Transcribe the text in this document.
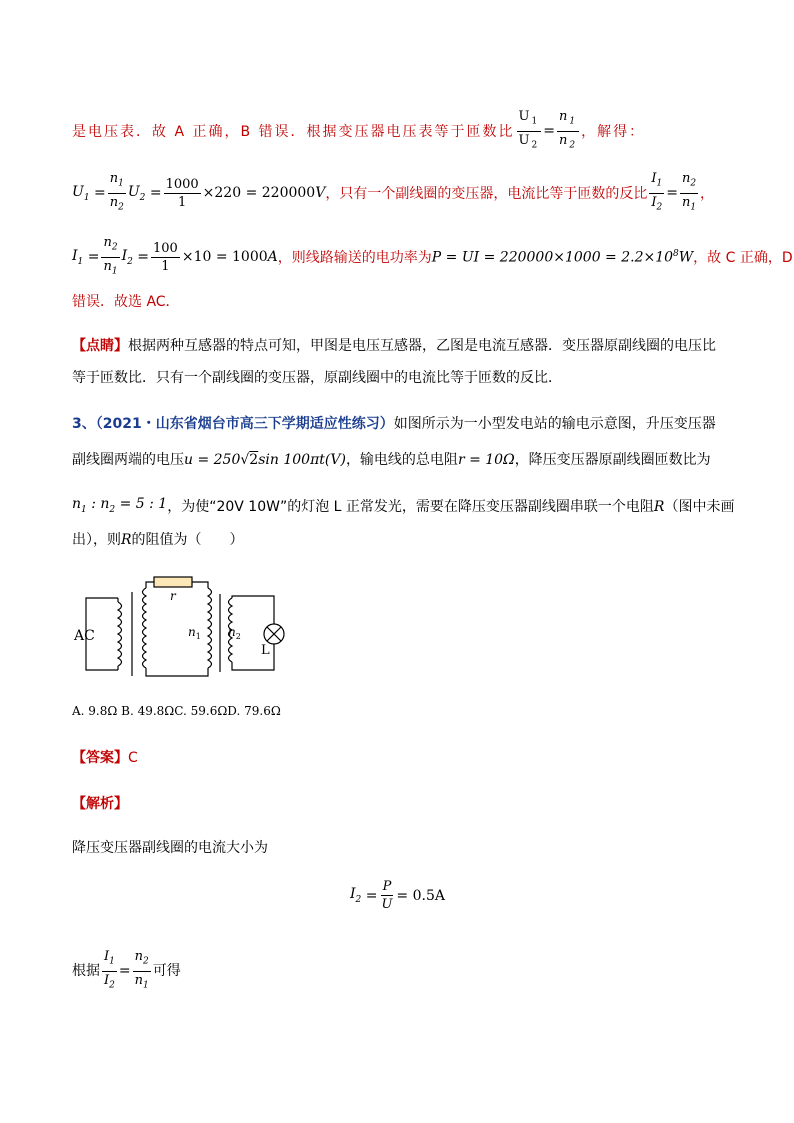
是电压表．故 A 正确，B 错误．根据变压器电压表等于匝数比 $\frac{U_1}{U_2} = \frac{n_1}{n_2}$ ，解得：
$U_1 = \frac{n_1}{n_2} U_2 = \frac{1000}{1} \times 220 = 220000$ V ，只有一个副线圈的变压器，电流比等于匝数的反比 $\frac{I_1}{I_2} = \frac{n_2}{n_1}$ ，
$I_1 = \frac{n_2}{n_1} I_2 = \frac{100}{1} \times 10 = 1000$ A ，则线路输送的电功率为 P = UI = $220000\times 1000 = 2.2\times 10^8W$ ，故 C 正确，D
错误．故选 AC．
【点睛】根据两种互感器的特点可知，甲图是电压互感器，乙图是电流互感器．变压器原副线圈的电压比
等于匝数比．只有一个副线圈的变压器，原副线圈中的电流比等于匝数的反比．
3、（2021・山东省烟台市高三下学期适应性练习）如图所示为一小型发电站的输电示意图，升压变压器
副线圈两端的电压 u = 250√2sin 100πt(V) ，输电线的总电阻 r = 10Ω ，降压变压器原副线圈匝数比为
$n_1$ : $n_2 = 5$ : 1 ，为使“20V 10W”的灯泡 L 正常发光，需要在降压变压器副线圈串联一个电阻 R （图中未画
出），则R的阻值为（　　）
AC
r
$n_1$ $n_2$
L
A. 9.8Ω B. 49.8ΩC. 59.6ΩD. 79.6Ω
【答案】C
【解析】
降压变压器副线圈的电流大小为
$I_2 = \frac{P}{U} = 0.5A$
根据 $\frac{I_1}{I_2} = \frac{n_2}{n_1}$ 可得
